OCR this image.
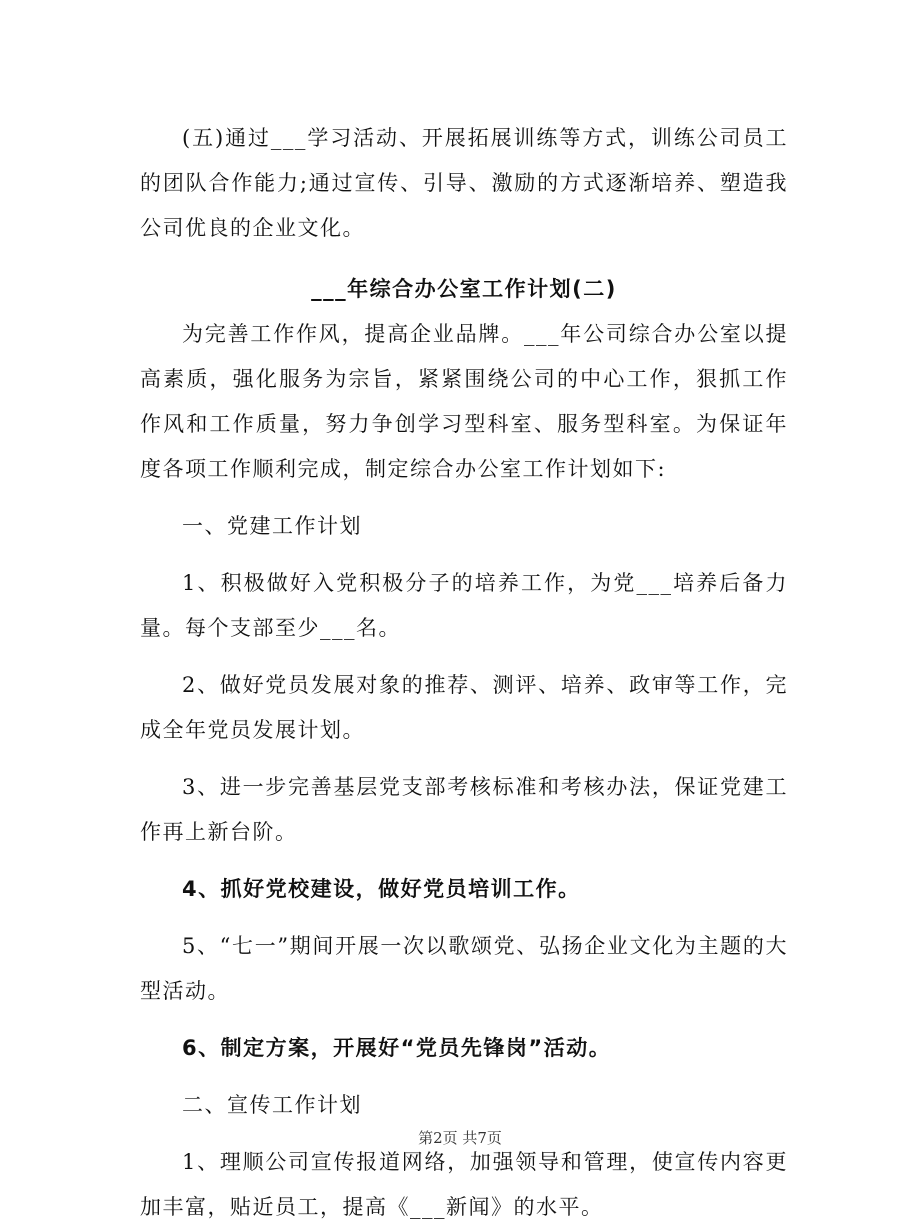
(五)通过___学习活动、开展拓展训练等方式，训练公司员工的团队合作能力;通过宣传、引导、激励的方式逐渐培养、塑造我公司优良的企业文化。

___年综合办公室工作计划(二)

为完善工作作风，提高企业品牌。___年公司综合办公室以提高素质，强化服务为宗旨，紧紧围绕公司的中心工作，狠抓工作作风和工作质量，努力争创学习型科室、服务型科室。为保证年度各项工作顺利完成，制定综合办公室工作计划如下:

一、党建工作计划

1、积极做好入党积极分子的培养工作，为党___培养后备力量。每个支部至少___名。

2、做好党员发展对象的推荐、测评、培养、政审等工作，完成全年党员发展计划。

3、进一步完善基层党支部考核标准和考核办法，保证党建工作再上新台阶。

4、抓好党校建设，做好党员培训工作。

5、“七一”期间开展一次以歌颂党、弘扬企业文化为主题的大型活动。

6、制定方案，开展好“党员先锋岗”活动。

二、宣传工作计划

1、理顺公司宣传报道网络，加强领导和管理，使宣传内容更加丰富，贴近员工，提高《___新闻》的水平。

第2页 共7页
